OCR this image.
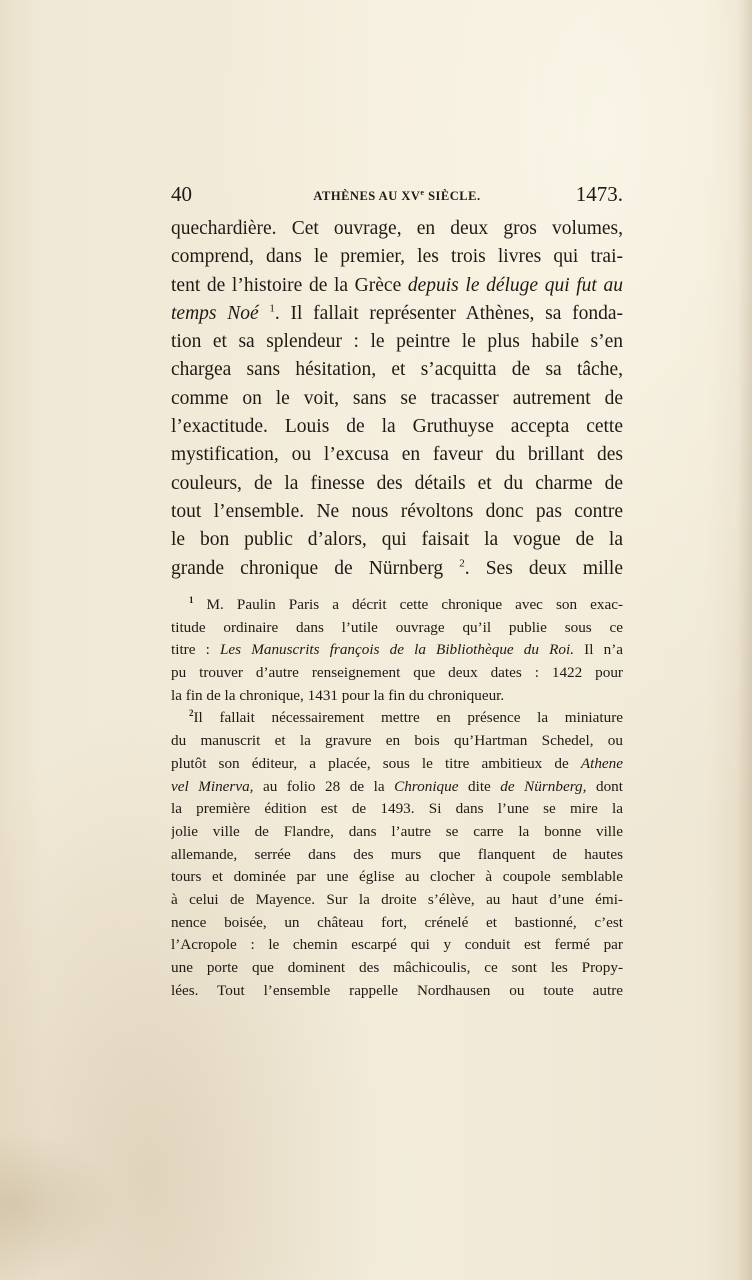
40	ATHÈNES AU XVe SIÈCLE.	1473.
quechardière. Cet ouvrage, en deux gros volumes,
comprend, dans le premier, les trois livres qui trai-
tent de l’histoire de la Grèce depuis le déluge qui fut au
temps Noé $^1$. Il fallait représenter Athènes, sa fonda-
tion et sa splendeur : le peintre le plus habile s’en
chargea sans hésitation, et s’acquitta de sa tâche,
comme on le voit, sans se tracasser autrement de
l’exactitude. Louis de la Gruthuyse accepta cette
mystification, ou l’excusa en faveur du brillant des
couleurs, de la finesse des détails et du charme de
tout l’ensemble. Ne nous révoltons donc pas contre
le bon public d’alors, qui faisait la vogue de la
grande chronique de Nürnberg $^2$. Ses deux mille
$^1$ M. Paulin Paris a décrit cette chronique avec son exac-
titude ordinaire dans l’utile ouvrage qu’il publie sous ce
titre : Les Manuscrits françois de la Bibliothèque du Roi. Il n’a
pu trouver d’autre renseignement que deux dates : 1422 pour
la fin de la chronique, 1431 pour la fin du chroniqueur.
$^2$Il fallait nécessairement mettre en présence la miniature
du manuscrit et la gravure en bois qu’Hartman Schedel, ou
plutôt son éditeur, a placée, sous le titre ambitieux de Athene
vel Minerva, au folio 28 de la Chronique dite de Nürnberg, dont
la première édition est de 1493. Si dans l’une se mire la
jolie ville de Flandre, dans l’autre se carre la bonne ville
allemande, serrée dans des murs que flanquent de hautes
tours et dominée par une église au clocher à coupole semblable
à celui de Mayence. Sur la droite s’élève, au haut d’une émi-
nence boisée, un château fort, crénelé et bastionné, c’est
l’Acropole : le chemin escarpé qui y conduit est fermé par
une porte que dominent des mâchicoulis, ce sont les Propy-
lées. Tout l’ensemble rappelle Nordhausen ou toute autre
